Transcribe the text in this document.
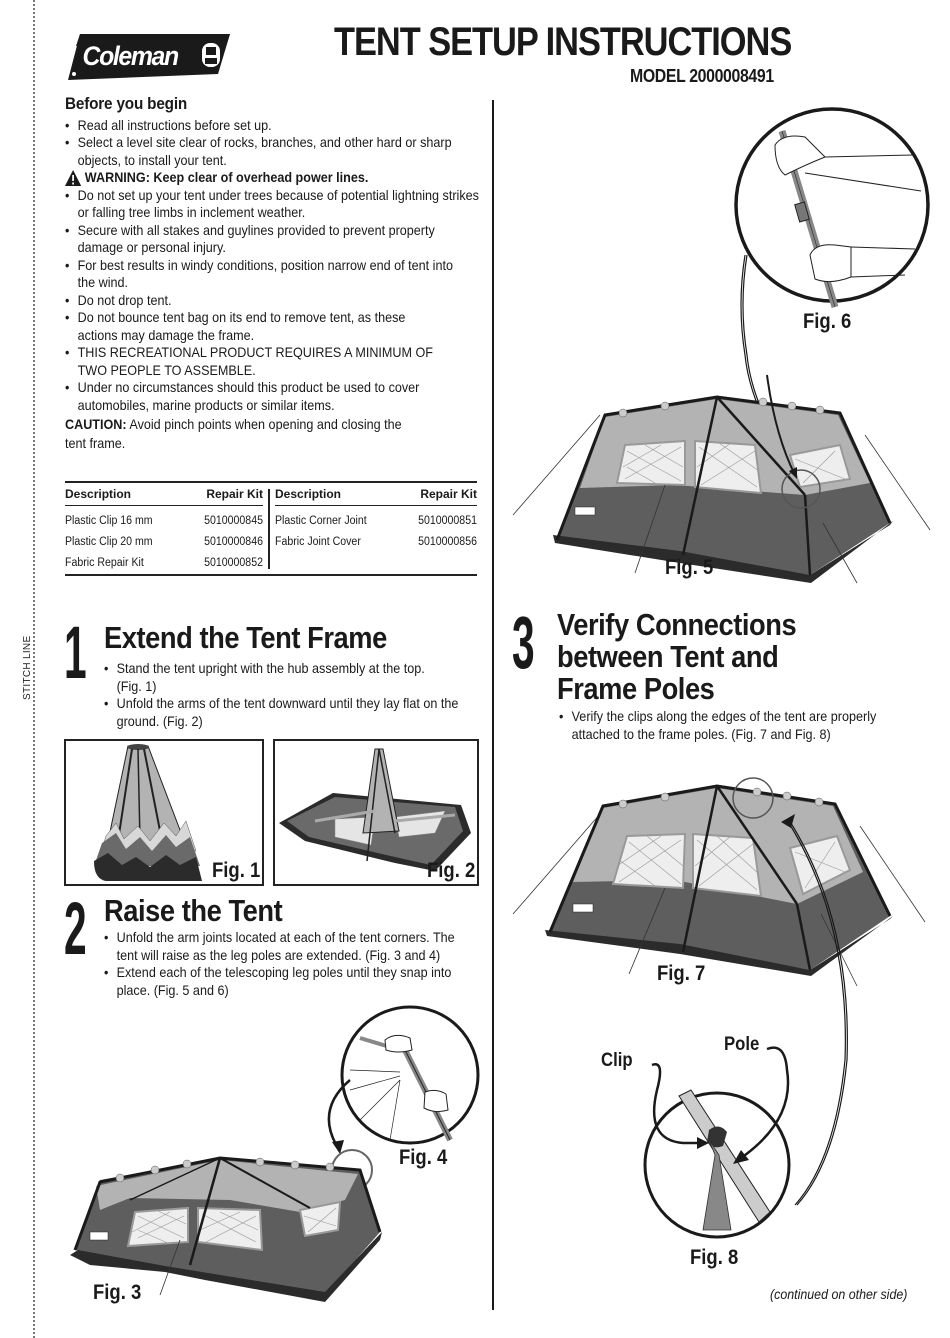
STITCH LINE
Coleman	TENT SETUP INSTRUCTIONS
MODEL 2000008491
Before you begin
• Read all instructions before set up.
• Select a level site clear of rocks, branches, and other hard or sharp objects, to install your tent.
WARNING: Keep clear of overhead power lines.
• Do not set up your tent under trees because of potential lightning strikes or falling tree limbs in inclement weather.
• Secure with all stakes and guylines provided to prevent property damage or personal injury.
• For best results in windy conditions, position narrow end of tent into the wind.
• Do not drop tent.
• Do not bounce tent bag on its end to remove tent, as these actions may damage the frame.
• THIS RECREATIONAL PRODUCT REQUIRES A MINIMUM OF TWO PEOPLE TO ASSEMBLE.
• Under no circumstances should this product be used to cover automobiles, marine products or similar items.
CAUTION: Avoid pinch points when opening and closing the tent frame.
Description	Repair Kit
Plastic Clip 16 mm	5010000845
Plastic Clip 20 mm	5010000846
Fabric Repair Kit	5010000852
Description	Repair Kit
Plastic Corner Joint	5010000851
Fabric Joint Cover	5010000856
1 Extend the Tent Frame
• Stand the tent upright with the hub assembly at the top. (Fig. 1)
• Unfold the arms of the tent downward until they lay flat on the ground. (Fig. 2)
Fig. 1	Fig. 2
2 Raise the Tent
• Unfold the arm joints located at each of the tent corners. The tent will raise as the leg poles are extended. (Fig. 3 and 4)
• Extend each of the telescoping leg poles until they snap into place. (Fig. 5 and 6)
Fig. 3
Fig. 4
Fig. 6
Fig. 5
3 Verify Connections
between Tent and
Frame Poles
• Verify the clips along the edges of the tent are properly attached to the frame poles. (Fig. 7 and Fig. 8)
Fig. 7
Clip
Pole
Fig. 8
(continued on other side)
